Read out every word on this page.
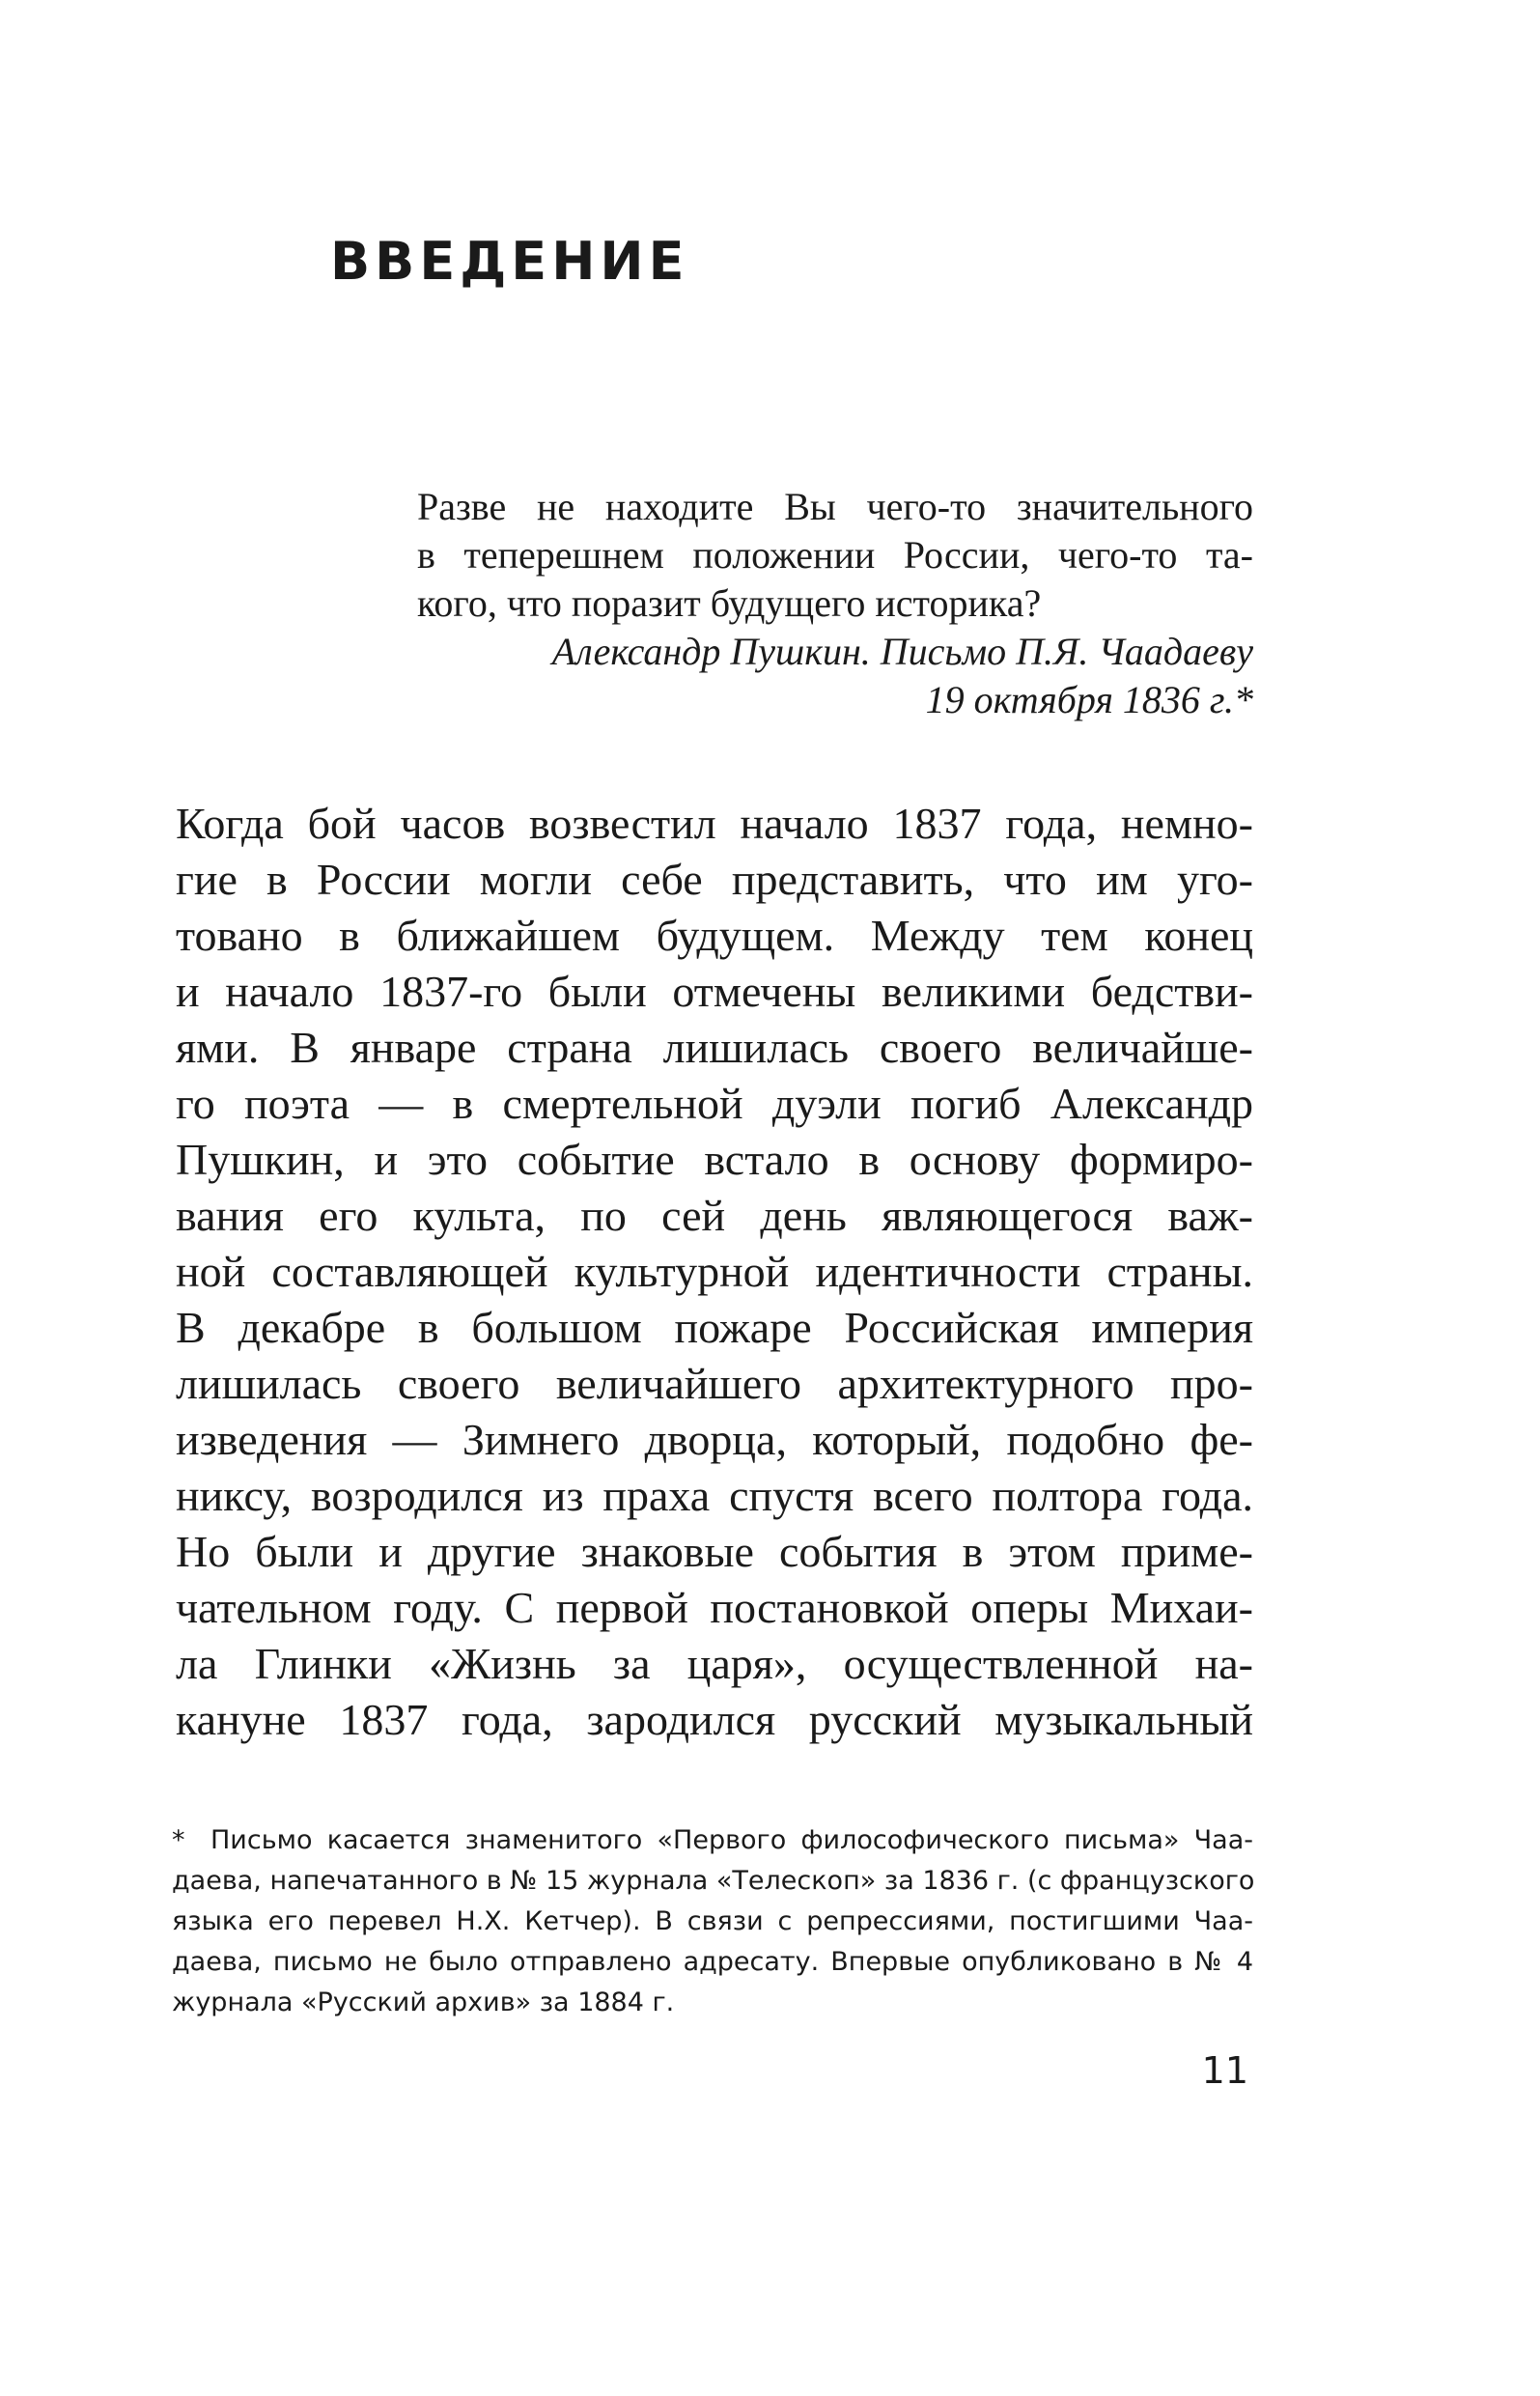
ВВЕДЕНИЕ
Разве не находите Вы чего-то значительного
в теперешнем положении России, чего-то та-
кого, что поразит будущего историка?
Александр Пушкин. Письмо П.Я. Чаадаеву
19 октября 1836 г.*
Когда бой часов возвестил начало 1837 года, немно-
гие в России могли себе представить, что им уго-
товано в ближайшем будущем. Между тем конец
и начало 1837-го были отмечены великими бедстви-
ями. В январе страна лишилась своего величайше-
го поэта — в смертельной дуэли погиб Александр
Пушкин, и это событие встало в основу формиро-
вания его культа, по сей день являющегося важ-
ной составляющей культурной идентичности страны.
В декабре в большом пожаре Российская империя
лишилась своего величайшего архитектурного про-
изведения — Зимнего дворца, который, подобно фе-
никсу, возродился из праха спустя всего полтора года.
Но были и другие знаковые события в этом приме-
чательном году. С первой постановкой оперы Михаи-
ла Глинки «Жизнь за царя», осуществленной на-
кануне 1837 года, зародился русский музыкальный
* Письмо касается знаменитого «Первого философического письма» Чаа-
даева, напечатанного в № 15 журнала «Телескоп» за 1836 г. (с французского
языка его перевел Н.Х. Кетчер). В связи с репрессиями, постигшими Чаа-
даева, письмо не было отправлено адресату. Впервые опубликовано в № 4
журнала «Русский архив» за 1884 г.
11
